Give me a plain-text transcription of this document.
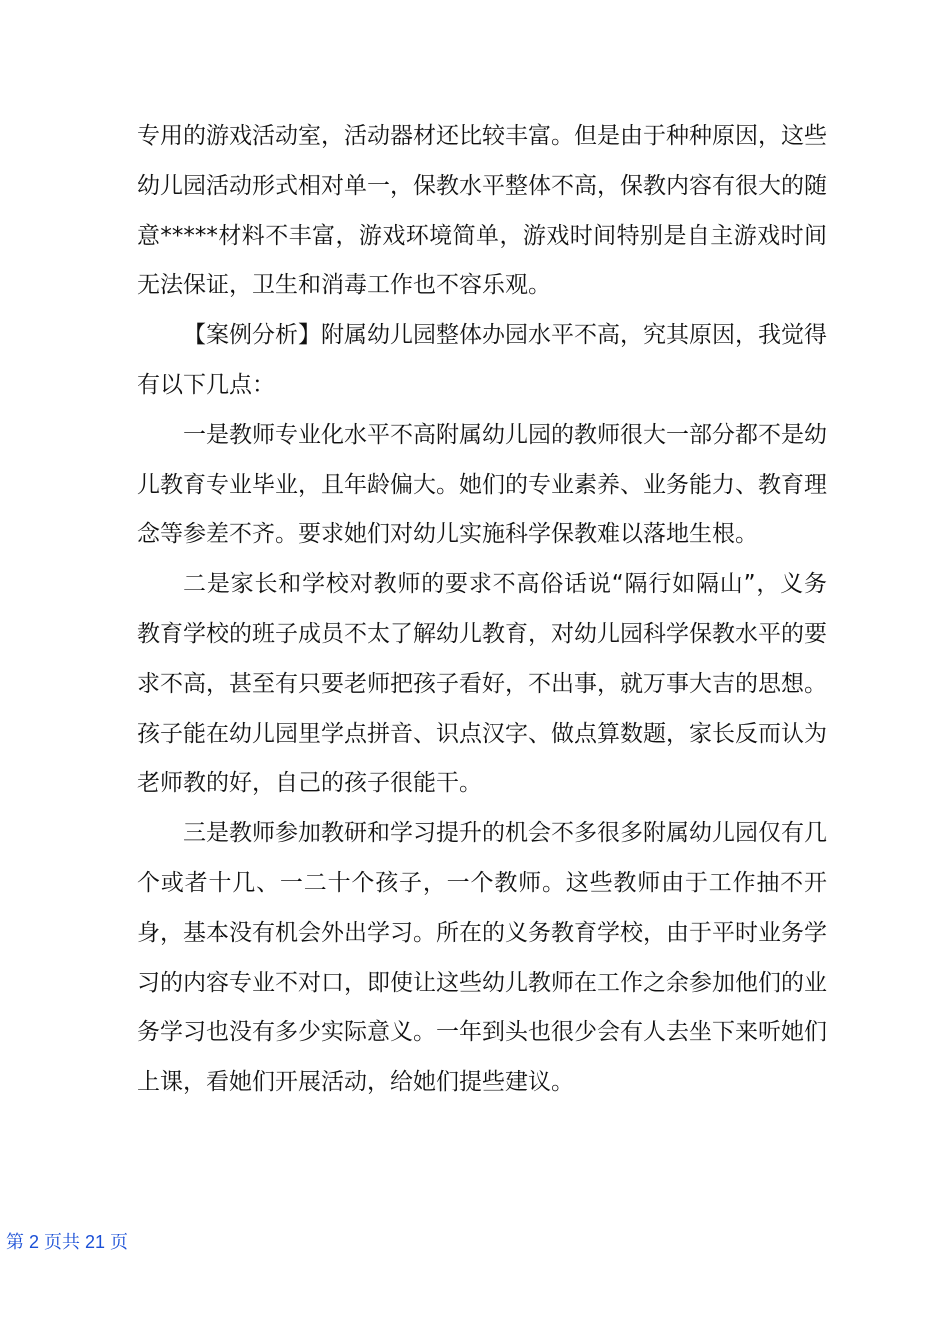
专用的游戏活动室，活动器材还比较丰富。但是由于种种原因，这些幼儿园活动形式相对单一，保教水平整体不高，保教内容有很大的随意*****材料不丰富，游戏环境简单，游戏时间特别是自主游戏时间无法保证，卫生和消毒工作也不容乐观。

【案例分析】附属幼儿园整体办园水平不高，究其原因，我觉得有以下几点：

一是教师专业化水平不高附属幼儿园的教师很大一部分都不是幼儿教育专业毕业，且年龄偏大。她们的专业素养、业务能力、教育理念等参差不齐。要求她们对幼儿实施科学保教难以落地生根。

二是家长和学校对教师的要求不高俗话说“隔行如隔山”，义务教育学校的班子成员不太了解幼儿教育，对幼儿园科学保教水平的要求不高，甚至有只要老师把孩子看好，不出事，就万事大吉的思想。孩子能在幼儿园里学点拼音、识点汉字、做点算数题，家长反而认为老师教的好，自己的孩子很能干。

三是教师参加教研和学习提升的机会不多很多附属幼儿园仅有几个或者十几、一二十个孩子，一个教师。这些教师由于工作抽不开身，基本没有机会外出学习。所在的义务教育学校，由于平时业务学习的内容专业不对口，即使让这些幼儿教师在工作之余参加他们的业务学习也没有多少实际意义。一年到头也很少会有人去坐下来听她们上课，看她们开展活动，给她们提些建议。

第 2 页共 21 页
